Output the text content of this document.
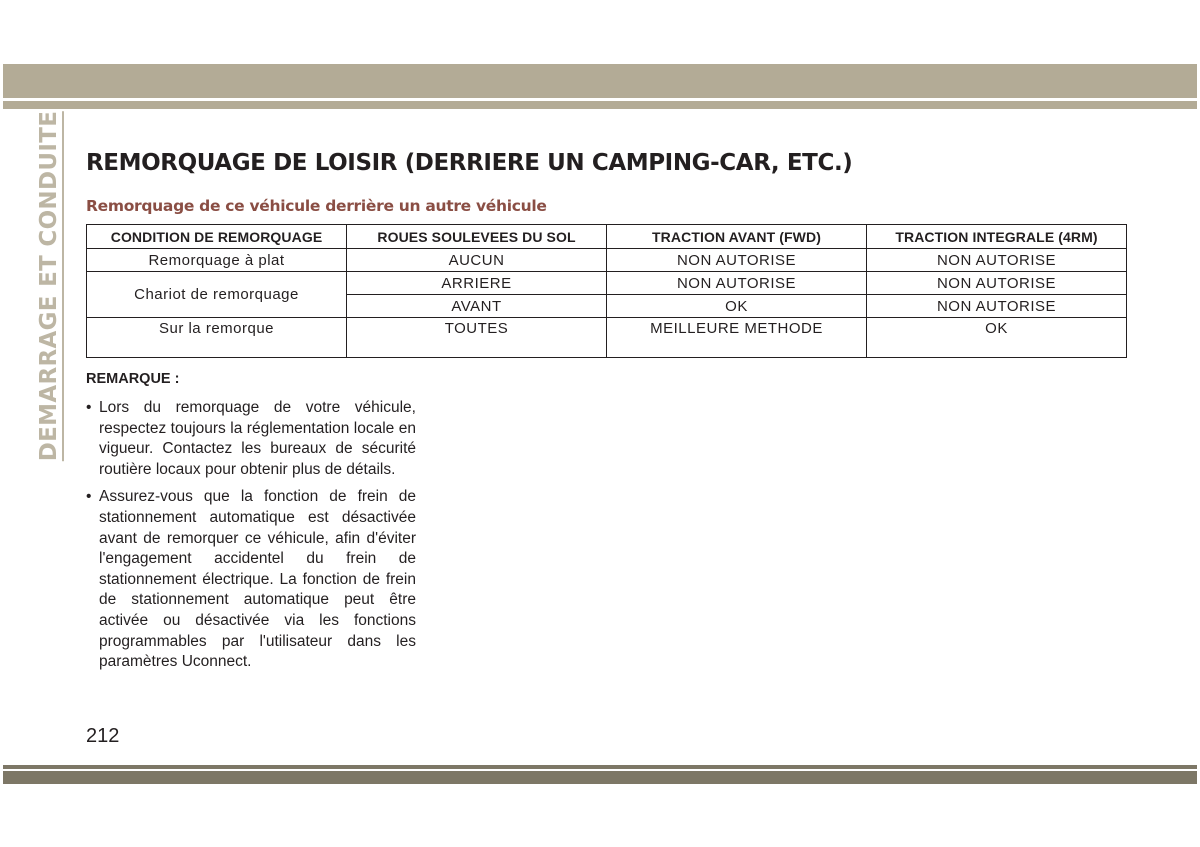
DEMARRAGE ET CONDUITE REMORQUAGE DE LOISIR (DERRIERE UN CAMPING-CAR, ETC.)
Remorquage de ce véhicule derrière un autre véhicule
CONDITION DE REMORQUAGE	ROUES SOULEVEES DU SOL	TRACTION AVANT (FWD)	TRACTION INTEGRALE (4RM)
Remorquage à plat	AUCUN	NON AUTORISE	NON AUTORISE
Chariot de remorquage	ARRIERE	NON AUTORISE	NON AUTORISE
	AVANT	OK	NON AUTORISE
Sur la remorque	TOUTES	MEILLEURE METHODE	OK

REMARQUE :

• Lors du remorquage de votre véhicule, respectez toujours la réglementation locale en vigueur. Contactez les bureaux de sécurité routière locaux pour obtenir plus de détails.
• Assurez-vous que la fonction de frein de stationnement automatique est désactivée avant de remorquer ce véhicule, afin d'éviter l'engagement accidentel du frein de stationnement électrique. La fonction de frein de stationnement automatique peut être activée ou désactivée via les fonctions programmables par l'utilisateur dans les paramètres Uconnect.

212
